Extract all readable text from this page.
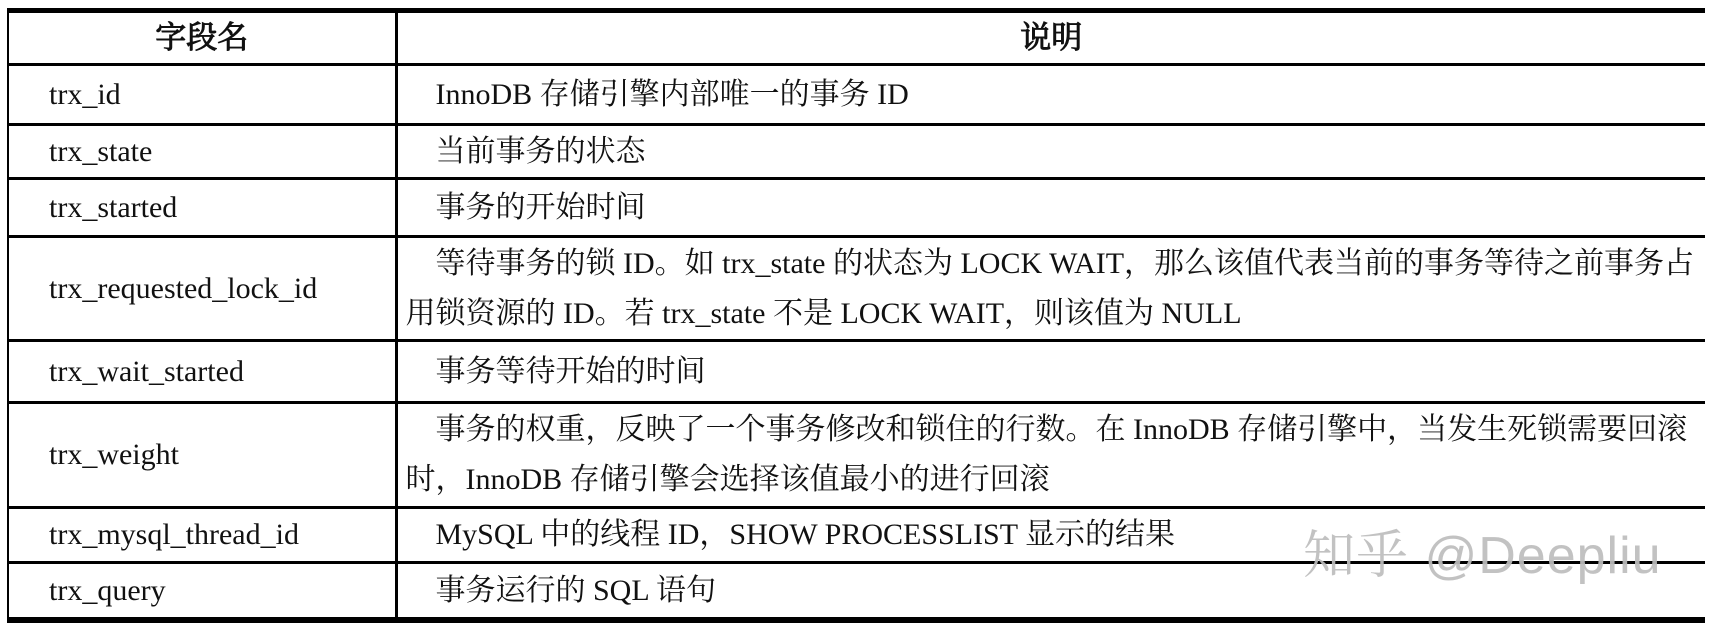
字段名	说明
trx_id	InnoDB 存储引擎内部唯一的事务 ID
trx_state	当前事务的状态
trx_started	事务的开始时间
trx_requested_lock_id	等待事务的锁 ID。如 trx_state 的状态为 LOCK WAIT，那么该值代表当前的事务等待之前事务占用锁资源的 ID。若 trx_state 不是 LOCK WAIT，则该值为 NULL
trx_wait_started	事务等待开始的时间
trx_weight	事务的权重，反映了一个事务修改和锁住的行数。在 InnoDB 存储引擎中，当发生死锁需要回滚时，InnoDB 存储引擎会选择该值最小的进行回滚
trx_mysql_thread_id	MySQL 中的线程 ID，SHOW PROCESSLIST 显示的结果
trx_query	事务运行的 SQL 语句
知乎 @Deepliu
